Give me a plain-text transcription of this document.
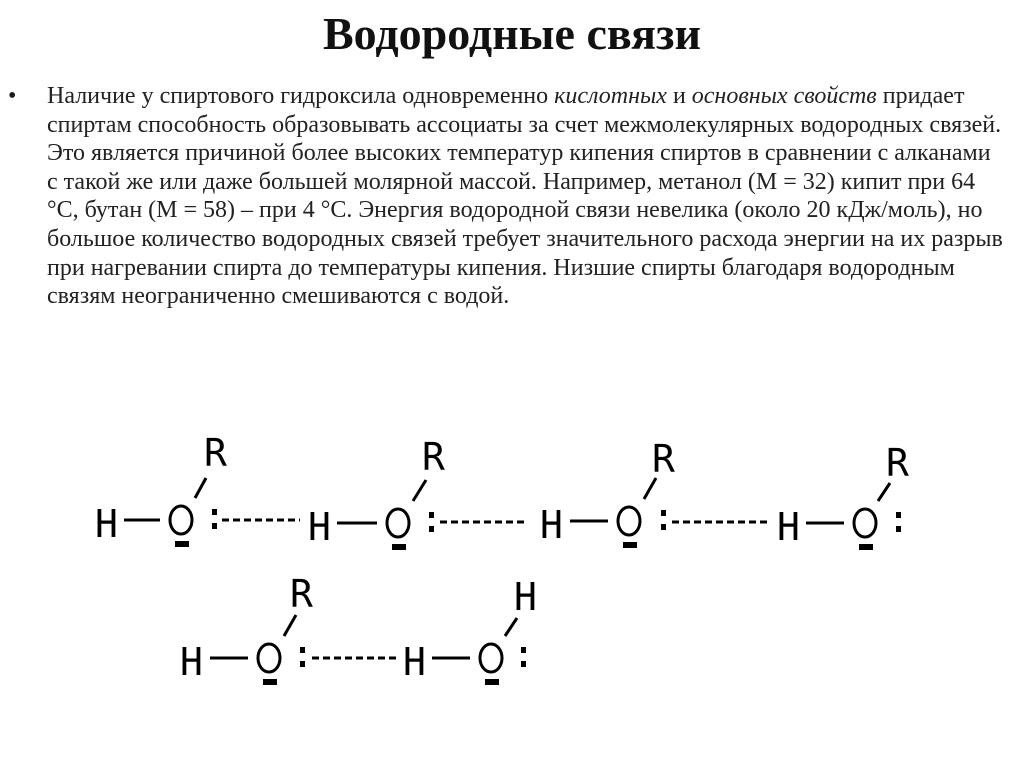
Водородные связи
• Наличие у спиртового гидроксила одновременно кислотных и основных свойств придает спиртам способность образовывать ассоциаты за счет межмолекулярных водородных связей. Это является причиной более высоких температур кипения спиртов в сравнении с алканами с такой же или даже большей молярной массой. Например, метанол (М = 32) кипит при 64 °С, бутан (М = 58) – при 4 °С. Энергия водородной связи невелика (около 20 кДж/моль), но большое количество водородных связей требует значительного расхода энергии на их разрыв при нагревании спирта до температуры кипения. Низшие спирты благодаря водородным связям неограниченно смешиваются с водой.
H
R
H
R
H
R
H
R
H
R
H
H
